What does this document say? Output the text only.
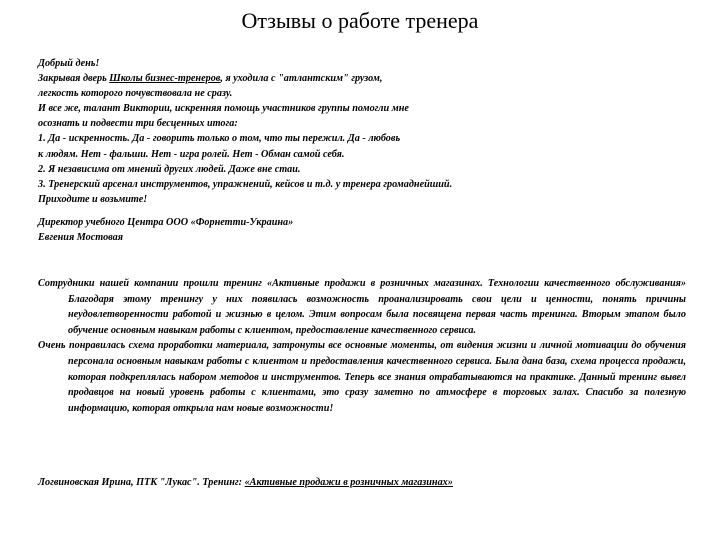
Отзывы о работе тренера
Добрый день!
Закрывая дверь Школы бизнес-тренеров, я уходила с "атлантским" грузом,
легкость которого почувствовала не сразу.
И все же, талант Виктории, искренняя помощь участников группы помогли мне
осознать и подвести три бесценных итога:
1. Да - искренность. Да - говорить только о том, что ты пережил. Да - любовь
к людям. Нет - фальши. Нет - игра ролей. Нет - Обман самой себя.
2. Я независима от мнений других людей. Даже вне стаи.
3. Тренерский арсенал инструментов, упражнений, кейсов и т.д. у тренера громаднейший.
Приходите и возьмите!
Директор учебного Центра ООО «Форнетти-Украина»
Евгения Мостовая

Сотрудники нашей компании прошли тренинг «Активные продажи в розничных магазинах. Технологии качественного обслуживания» Благодаря этому тренингу у них появилась возможность проанализировать свои цели и ценности, понять причины неудовлетворенности работой и жизнью в целом. Этим вопросам была посвящена первая часть тренинга. Вторым этапом было обучение основным навыкам работы с клиентом, предоставление качественного сервиса.

Очень понравилась схема проработки материала, затронуты все основные моменты, от видения жизни и личной мотивации до обучения персонала основным навыкам работы с клиентом и предоставления качественного сервиса. Была дана база, схема процесса продажи, которая подкреплялась набором методов и инструментов. Теперь все знания отрабатываются на практике. Данный тренинг вывел продавцов на новый уровень работы с клиентами, это сразу заметно по атмосфере в торговых залах. Спасибо за полезную информацию, которая открыла нам новые возможности!

Логвиновская Ирина, ПТК "Лукас". Тренинг: «Активные продажи в розничных магазинах»
